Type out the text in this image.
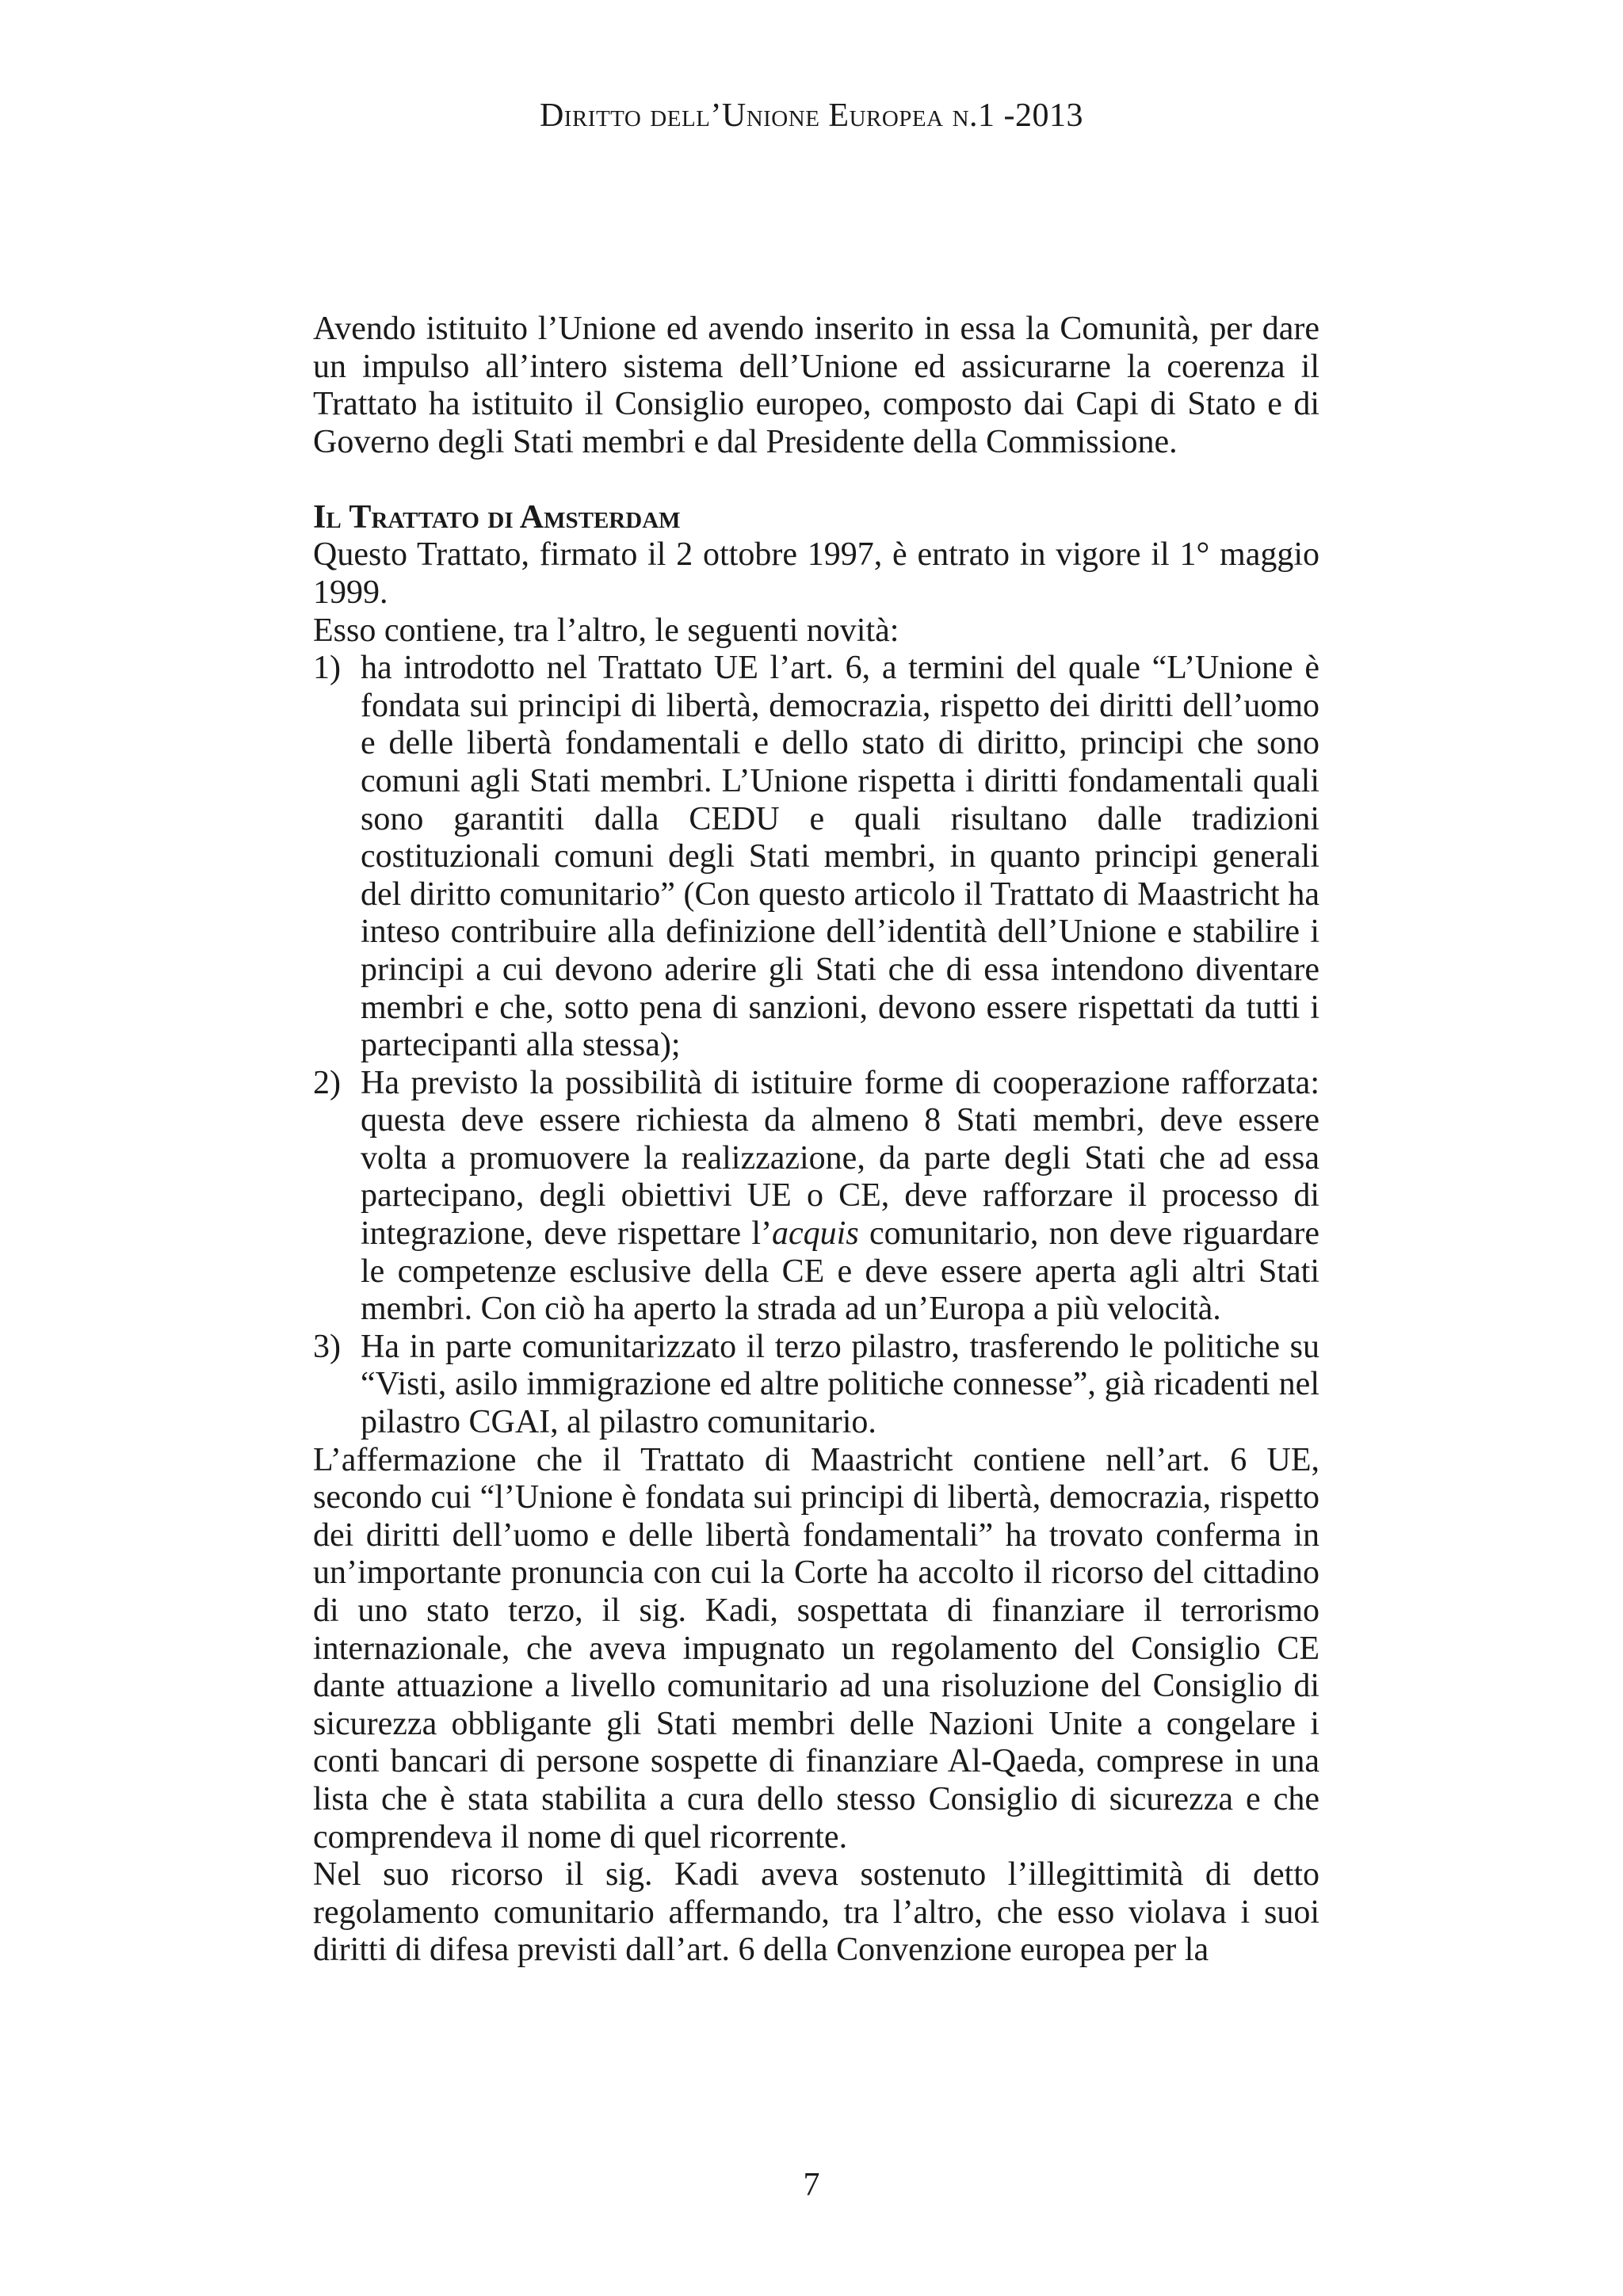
Diritto dell’Unione Europea n.1 -2013

Avendo istituito l’Unione ed avendo inserito in essa la Comunità, per dare un impulso all’intero sistema dell’Unione ed assicurarne la coerenza il Trattato ha istituito il Consiglio europeo, composto dai Capi di Stato e di Governo degli Stati membri e dal Presidente della Commissione.

Il Trattato di Amsterdam

Questo Trattato, firmato il 2 ottobre 1997, è entrato in vigore il 1° maggio 1999.

Esso contiene, tra l’altro, le seguenti novità:

1) ha introdotto nel Trattato UE l’art. 6, a termini del quale “L’Unione è fondata sui principi di libertà, democrazia, rispetto dei diritti dell’uomo e delle libertà fondamentali e dello stato di diritto, principi che sono comuni agli Stati membri. L’Unione rispetta i diritti fondamentali quali sono garantiti dalla CEDU e quali risultano dalle tradizioni costituzionali comuni degli Stati membri, in quanto principi generali del diritto comunitario” (Con questo articolo il Trattato di Maastricht ha inteso contribuire alla definizione dell’identità dell’Unione e stabilire i principi a cui devono aderire gli Stati che di essa intendono diventare membri e che, sotto pena di sanzioni, devono essere rispettati da tutti i partecipanti alla stessa);
2) Ha previsto la possibilità di istituire forme di cooperazione rafforzata: questa deve essere richiesta da almeno 8 Stati membri, deve essere volta a promuovere la realizzazione, da parte degli Stati che ad essa partecipano, degli obiettivi UE o CE, deve rafforzare il processo di integrazione, deve rispettare l’acquis comunitario, non deve riguardare le competenze esclusive della CE e deve essere aperta agli altri Stati membri. Con ciò ha aperto la strada ad un’Europa a più velocità.
3) Ha in parte comunitarizzato il terzo pilastro, trasferendo le politiche su “Visti, asilo immigrazione ed altre politiche connesse”, già ricadenti nel pilastro CGAI, al pilastro comunitario.

L’affermazione che il Trattato di Maastricht contiene nell’art. 6 UE, secondo cui “l’Unione è fondata sui principi di libertà, democrazia, rispetto dei diritti dell’uomo e delle libertà fondamentali” ha trovato conferma in un’importante pronuncia con cui la Corte ha accolto il ricorso del cittadino di uno stato terzo, il sig. Kadi, sospettata di finanziare il terrorismo internazionale, che aveva impugnato un regolamento del Consiglio CE dante attuazione a livello comunitario ad una risoluzione del Consiglio di sicurezza obbligante gli Stati membri delle Nazioni Unite a congelare i conti bancari di persone sospette di finanziare Al-Qaeda, comprese in una lista che è stata stabilita a cura dello stesso Consiglio di sicurezza e che comprendeva il nome di quel ricorrente.

Nel suo ricorso il sig. Kadi aveva sostenuto l’illegittimità di detto regolamento comunitario affermando, tra l’altro, che esso violava i suoi diritti di difesa previsti dall’art. 6 della Convenzione europea per la

7
